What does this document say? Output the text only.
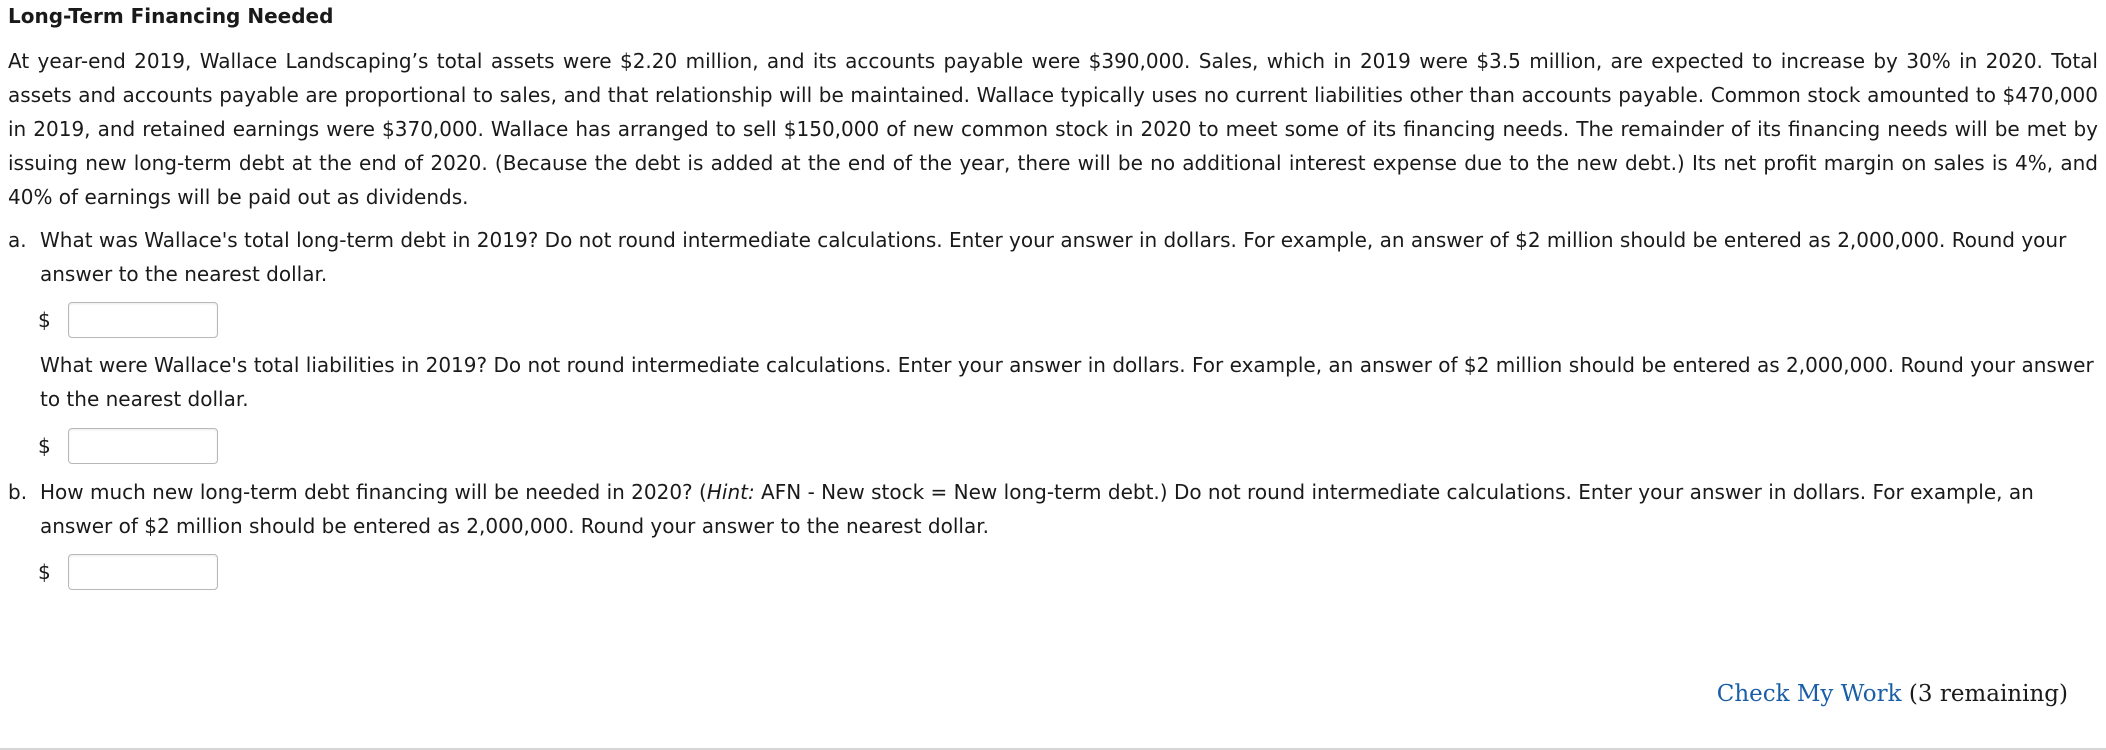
Long-Term Financing Needed

At year-end 2019, Wallace Landscaping’s total assets were $2.20 million, and its accounts payable were $390,000. Sales, which in 2019 were $3.5 million, are expected to increase by 30% in 2020. Total assets and accounts payable are proportional to sales, and that relationship will be maintained. Wallace typically uses no current liabilities other than accounts payable. Common stock amounted to $470,000 in 2019, and retained earnings were $370,000. Wallace has arranged to sell $150,000 of new common stock in 2020 to meet some of its financing needs. The remainder of its financing needs will be met by issuing new long-term debt at the end of 2020. (Because the debt is added at the end of the year, there will be no additional interest expense due to the new debt.) Its net profit margin on sales is 4%, and 40% of earnings will be paid out as dividends.

a. What was Wallace's total long-term debt in 2019? Do not round intermediate calculations. Enter your answer in dollars. For example, an answer of $2 million should be entered as 2,000,000. Round your answer to the nearest dollar.
$
What were Wallace's total liabilities in 2019? Do not round intermediate calculations. Enter your answer in dollars. For example, an answer of $2 million should be entered as 2,000,000. Round your answer to the nearest dollar.
$
b. How much new long-term debt financing will be needed in 2020? (Hint: AFN - New stock = New long-term debt.) Do not round intermediate calculations. Enter your answer in dollars. For example, an answer of $2 million should be entered as 2,000,000. Round your answer to the nearest dollar.
$
Check My Work (3 remaining)
